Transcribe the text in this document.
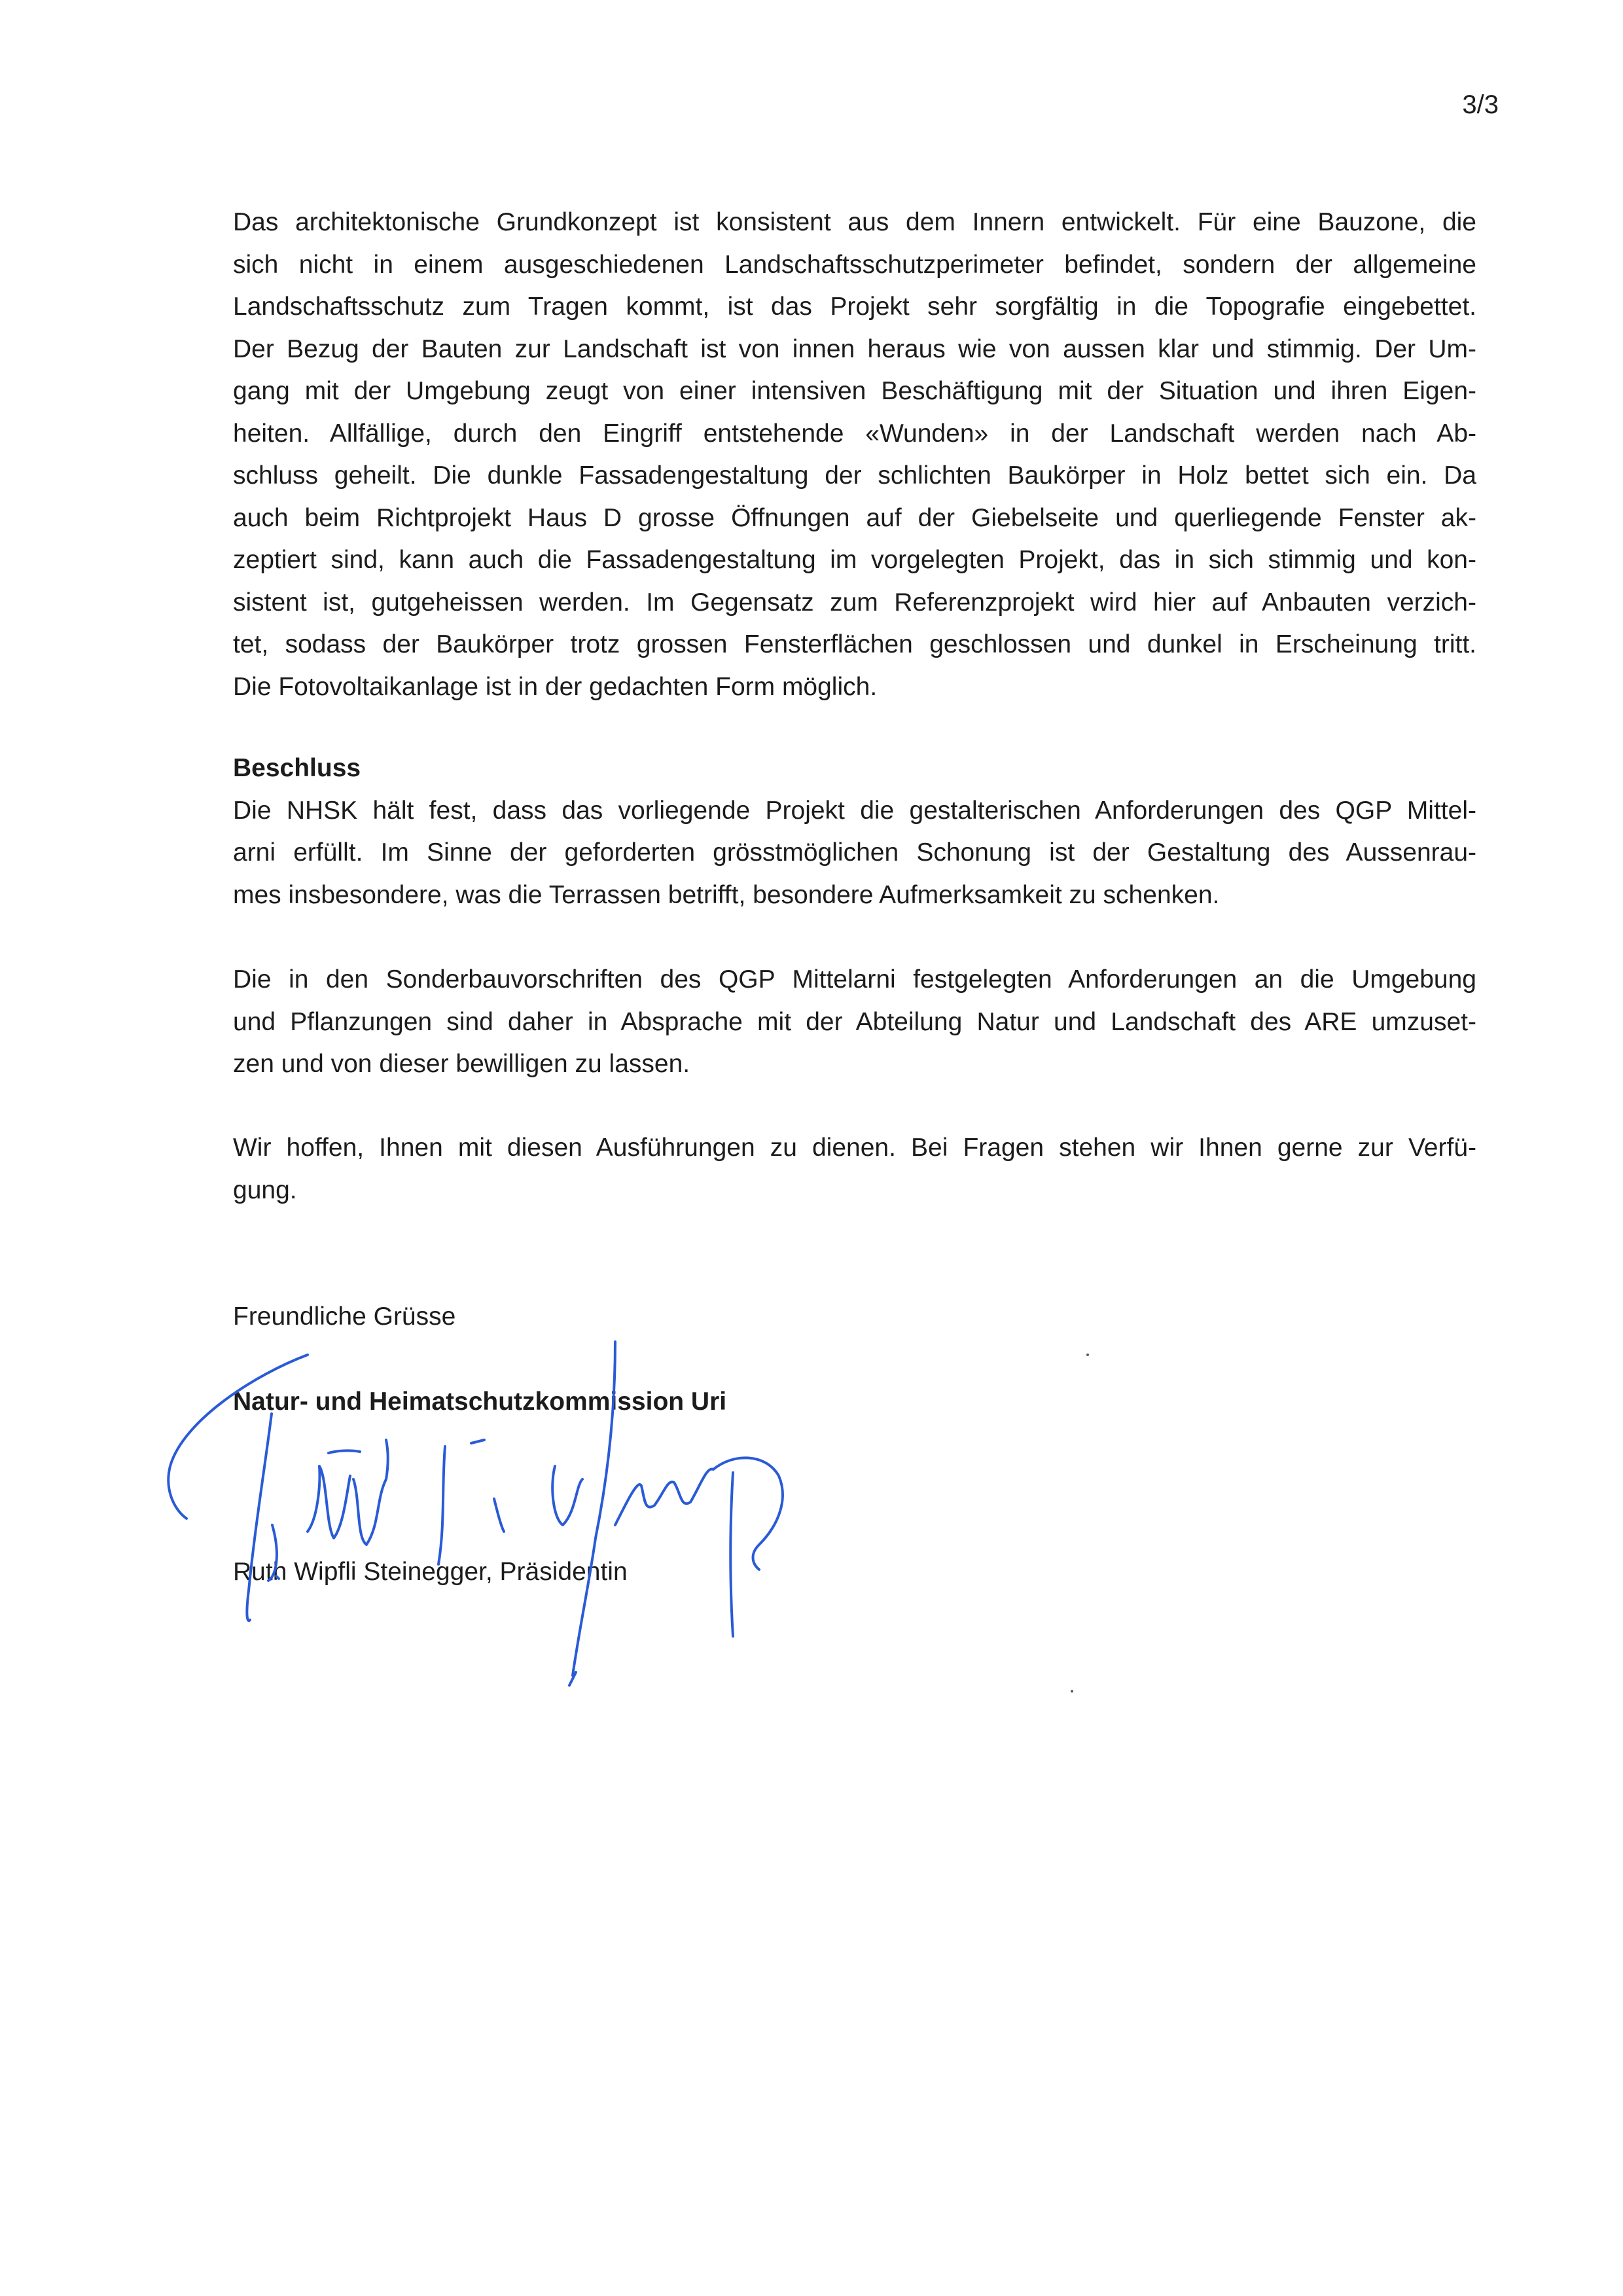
3/3
Das architektonische Grundkonzept ist konsistent aus dem Innern entwickelt. Für eine Bauzone, die
sich nicht in einem ausgeschiedenen Landschaftsschutzperimeter befindet, sondern der allgemeine
Landschaftsschutz zum Tragen kommt, ist das Projekt sehr sorgfältig in die Topografie eingebettet.
Der Bezug der Bauten zur Landschaft ist von innen heraus wie von aussen klar und stimmig. Der Um-
gang mit der Umgebung zeugt von einer intensiven Beschäftigung mit der Situation und ihren Eigen-
heiten. Allfällige, durch den Eingriff entstehende «Wunden» in der Landschaft werden nach Ab-
schluss geheilt. Die dunkle Fassadengestaltung der schlichten Baukörper in Holz bettet sich ein. Da
auch beim Richtprojekt Haus D grosse Öffnungen auf der Giebelseite und querliegende Fenster ak-
zeptiert sind, kann auch die Fassadengestaltung im vorgelegten Projekt, das in sich stimmig und kon-
sistent ist, gutgeheissen werden. Im Gegensatz zum Referenzprojekt wird hier auf Anbauten verzich-
tet, sodass der Baukörper trotz grossen Fensterflächen geschlossen und dunkel in Erscheinung tritt.
Die Fotovoltaikanlage ist in der gedachten Form möglich.
Beschluss
Die NHSK hält fest, dass das vorliegende Projekt die gestalterischen Anforderungen des QGP Mittel-
arni erfüllt. Im Sinne der geforderten grösstmöglichen Schonung ist der Gestaltung des Aussenrau-
mes insbesondere, was die Terrassen betrifft, besondere Aufmerksamkeit zu schenken.
Die in den Sonderbauvorschriften des QGP Mittelarni festgelegten Anforderungen an die Umgebung
und Pflanzungen sind daher in Absprache mit der Abteilung Natur und Landschaft des ARE umzuset-
zen und von dieser bewilligen zu lassen.
Wir hoffen, Ihnen mit diesen Ausführungen zu dienen. Bei Fragen stehen wir Ihnen gerne zur Verfü-
gung.
Freundliche Grüsse
Natur- und Heimatschutzkommission Uri
Ruth Wipfli Steinegger, Präsidentin
